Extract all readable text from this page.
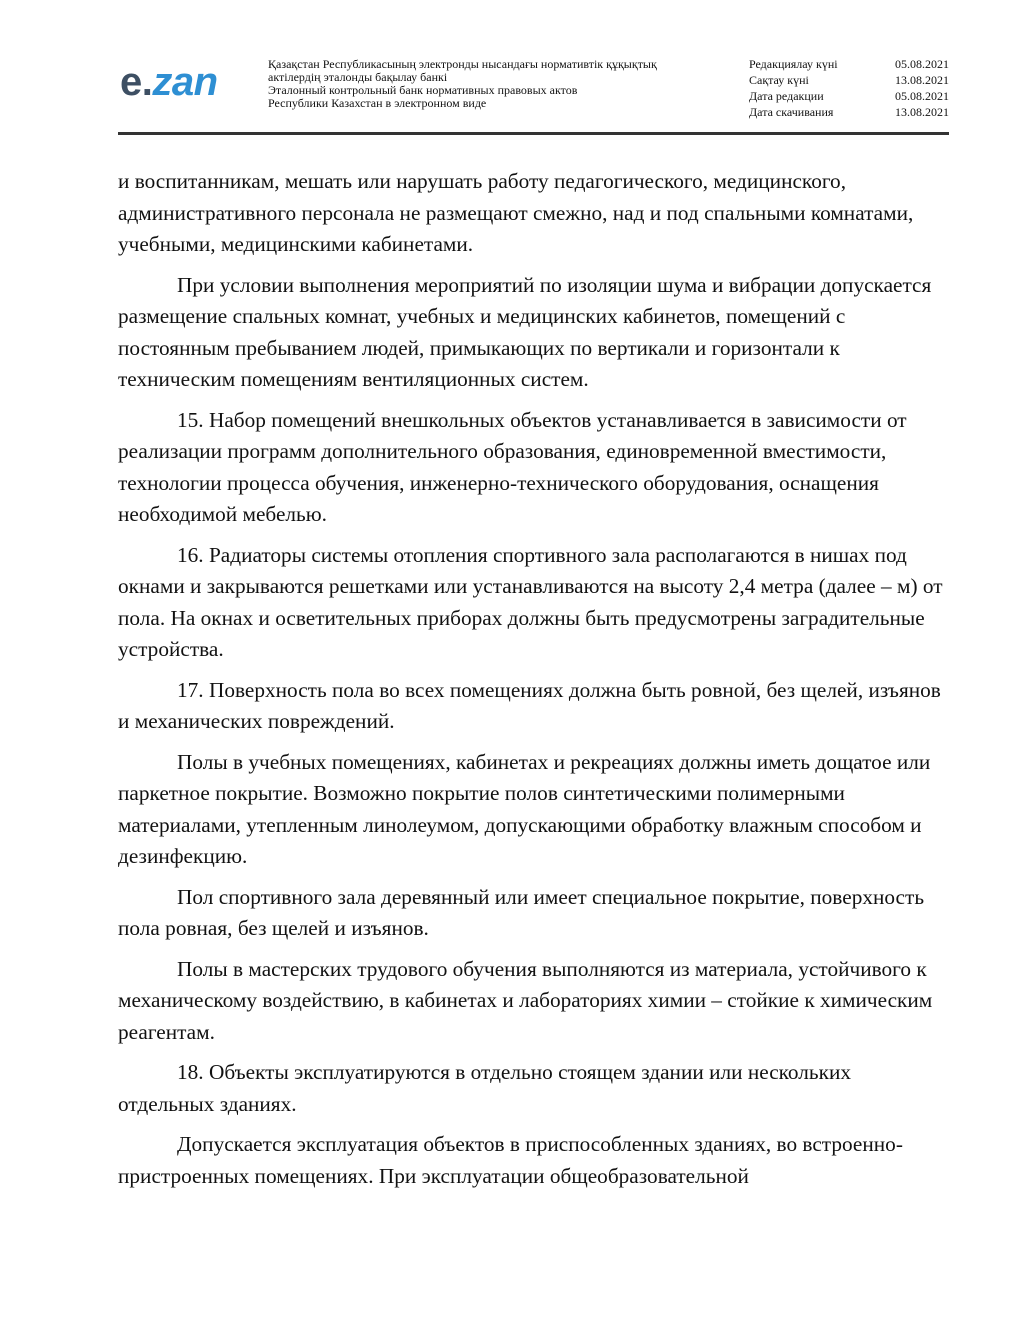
e.zan	Қазақстан Республикасының электронды нысандағы нормативтік құқықтық
актілердің эталонды бақылау банкі
Эталонный контрольный банк нормативных правовых актов
Республики Казахстан в электронном виде
Редакциялау күні	05.08.2021
Сақтау күні	13.08.2021
Дата редакции	05.08.2021
Дата скачивания	13.08.2021

и воспитанникам, мешать или нарушать работу педагогического, медицинского, административного персонала не размещают смежно, над и под спальными комнатами, учебными, медицинскими кабинетами.

При условии выполнения мероприятий по изоляции шума и вибрации допускается размещение спальных комнат, учебных и медицинских кабинетов, помещений с постоянным пребыванием людей, примыкающих по вертикали и горизонтали к техническим помещениям вентиляционных систем.

15. Набор помещений внешкольных объектов устанавливается в зависимости от реализации программ дополнительного образования, единовременной вместимости, технологии процесса обучения, инженерно-технического оборудования, оснащения необходимой мебелью.

16. Радиаторы системы отопления спортивного зала располагаются в нишах под окнами и закрываются решетками или устанавливаются на высоту 2,4 метра (далее – м) от пола. На окнах и осветительных приборах должны быть предусмотрены заградительные устройства.

17. Поверхность пола во всех помещениях должна быть ровной, без щелей, изъянов и механических повреждений.

Полы в учебных помещениях, кабинетах и рекреациях должны иметь дощатое или паркетное покрытие. Возможно покрытие полов синтетическими полимерными материалами, утепленным линолеумом, допускающими обработку влажным способом и дезинфекцию.

Пол спортивного зала деревянный или имеет специальное покрытие, поверхность пола ровная, без щелей и изъянов.

Полы в мастерских трудового обучения выполняются из материала, устойчивого к механическому воздействию, в кабинетах и лабораториях химии – стойкие к химическим реагентам.

18. Объекты эксплуатируются в отдельно стоящем здании или нескольких отдельных зданиях.

Допускается эксплуатация объектов в приспособленных зданиях, во встроенно-пристроенных помещениях. При эксплуатации общеобразовательной
